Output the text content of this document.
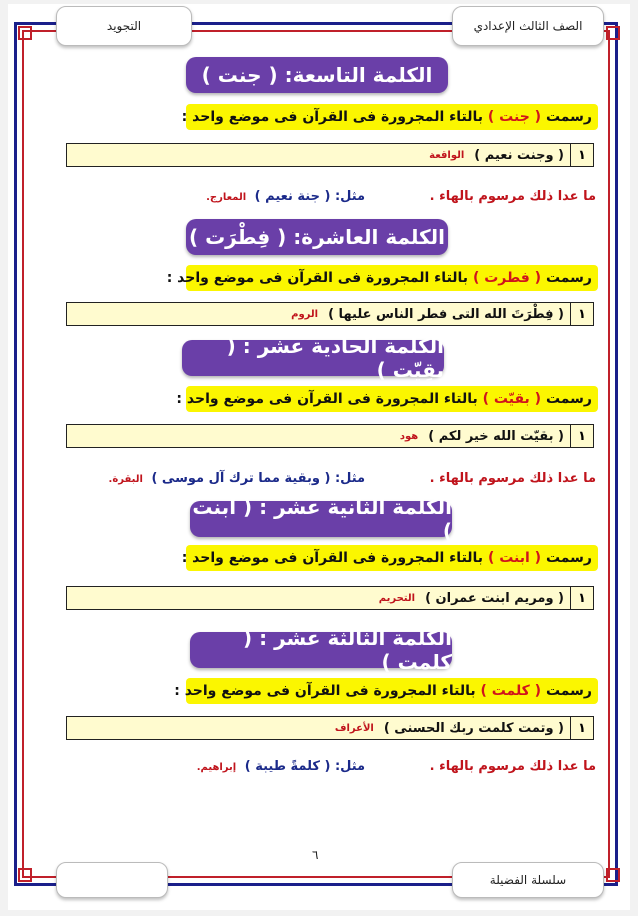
الصف الثالث الإعدادي
التجويد
الكلمة التاسعة: ( جنت )
رسمت

( جنت )

بالتاء المجرورة فى القرآن فى موضع واحد :
١
( وجنت نعيم )
الواقعة
ما عدا ذلك مرسوم بالهاء . مثل: ( جنة نعيم ) المعارج.
الكلمة العاشرة: ( فِطْرَت )
رسمت

( فطرت )

بالتاء المجرورة فى القرآن فى موضع واحد :
١
( فِطْرَتَ الله التى فطر الناس عليها )
الروم
الكلمة الحادية عشر : ( بقِيّت )
رسمت

( بقيّت )

بالتاء المجرورة فى القرآن فى موضع واحد :
١
( بقيّت الله خير لكم )
هود
ما عدا ذلك مرسوم بالهاء . مثل: ( وبقية مما ترك آل موسى ) البقرة.
الكلمة الثانية عشر : ( ابنت )
رسمت

( ابنت )

بالتاء المجرورة فى القرآن فى موضع واحد :
١
( ومريم ابنت عمران )
التحريم
الكلمة الثالثة عشر : ( كلمت )
رسمت

( كلمت )

بالتاء المجرورة فى القرآن فى موضع واحد :
١
( وتمت كلمت ربك الحسنى )
الأعراف
ما عدا ذلك مرسوم بالهاء . مثل: ( كلمةً طيبة ) إبراهيم.
٦
سلسلة الفضيلة
